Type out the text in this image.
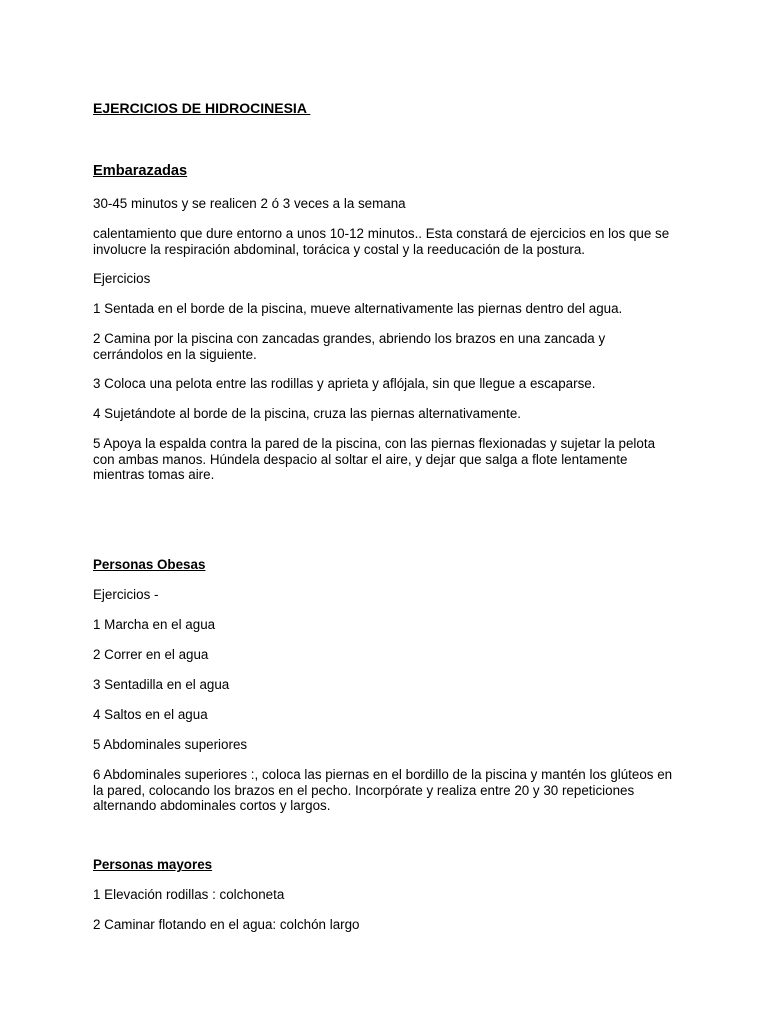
EJERCICIOS DE HIDROCINESIA
Embarazadas
30-45 minutos y se realicen 2 ó 3 veces a la semana
calentamiento que dure entorno a unos 10-12 minutos.. Esta constará de ejercicios en los que se involucre la respiración abdominal, torácica y costal y la reeducación de la postura.
Ejercicios
1 Sentada en el borde de la piscina, mueve alternativamente las piernas dentro del agua.
2 Camina por la piscina con zancadas grandes, abriendo los brazos en una zancada y cerrándolos en la siguiente.
3 Coloca una pelota entre las rodillas y aprieta y aflójala, sin que llegue a escaparse.
4 Sujetándote al borde de la piscina, cruza las piernas alternativamente.
5 Apoya la espalda contra la pared de la piscina, con las piernas flexionadas y sujetar la pelota con ambas manos. Húndela despacio al soltar el aire, y dejar que salga a flote lentamente mientras tomas aire.
Personas Obesas
Ejercicios -
1 Marcha en el agua
2 Correr en el agua
3 Sentadilla en el agua
4 Saltos en el agua
5 Abdominales superiores
6 Abdominales superiores :, coloca las piernas en el bordillo de la piscina y mantén los glúteos en la pared, colocando los brazos en el pecho. Incorpórate y realiza entre 20 y 30 repeticiones alternando abdominales cortos y largos.
Personas mayores
1 Elevación rodillas : colchoneta
2 Caminar flotando en el agua: colchón largo
